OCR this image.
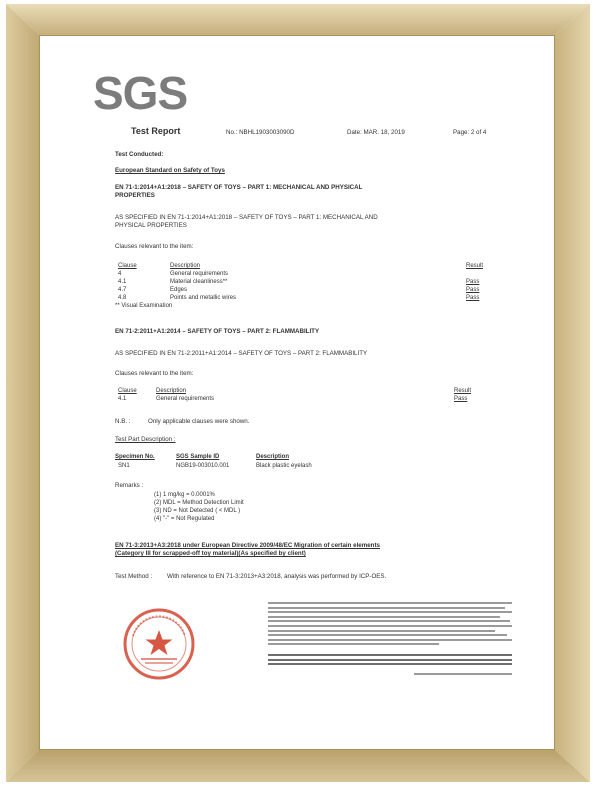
SGS
Test Report	No.: NBHL1903003090D	Date: MAR. 18, 2019	Page: 2 of 4
Test Conducted:
European Standard on Safety of Toys
EN 71-1:2014+A1:2018 – SAFETY OF TOYS – PART 1: MECHANICAL AND PHYSICAL
PROPERTIES
AS SPECIFIED IN EN 71-1:2014+A1:2018 – SAFETY OF TOYS – PART 1: MECHANICAL AND
PHYSICAL PROPERTIES
Clauses relevant to the item:
Clause	Description	Result
4	General requirements
4.1	Material cleanliness**	Pass
4.7	Edges	Pass
4.8	Points and metallic wires	Pass
** Visual Examination
EN 71-2:2011+A1:2014 – SAFETY OF TOYS – PART 2: FLAMMABILITY
AS SPECIFIED IN EN 71-2:2011+A1:2014 – SAFETY OF TOYS – PART 2: FLAMMABILITY
Clauses relevant to the item:
Clause	Description	Result
4.1	General requirements	Pass
N.B. :	Only applicable clauses were shown.
Test Part Description :
Specimen No.	SGS Sample ID	Description
SN1	NGB19-003010.001	Black plastic eyelash
Remarks :
(1) 1 mg/kg = 0.0001%
(2) MDL = Method Detection Limit
(3) ND = Not Detected ( < MDL )
(4) "-" = Not Regulated
EN 71-3:2013+A3:2018 under European Directive 2009/48/EC Migration of certain elements
(Category III for scrapped-off toy material)(As specified by client)
Test Method : With reference to EN 71-3:2013+A3:2018, analysis was performed by ICP-OES.
